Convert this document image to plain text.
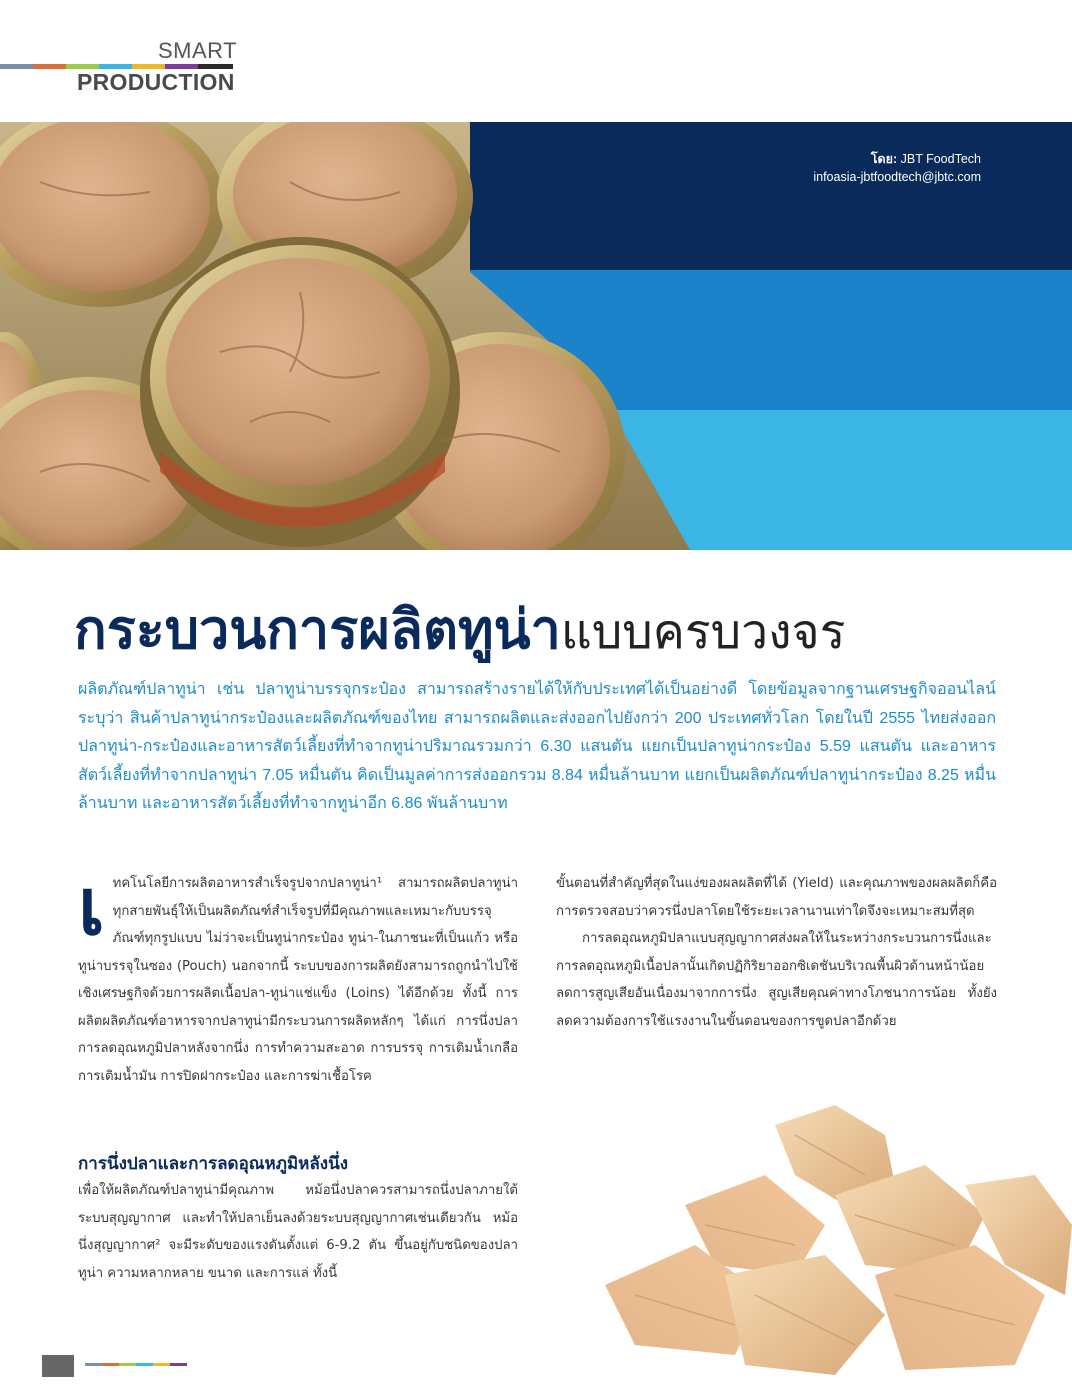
SMART
PRODUCTION
โดย: JBT FoodTech
infoasia-jbtfoodtech@jbtc.com
กระบวนการผลิตทูน่าแบบครบวงจร
ผลิตภัณฑ์ปลาทูน่า เช่น ปลาทูน่าบรรจุกระป๋อง สามารถสร้างรายได้ให้กับประเทศได้เป็นอย่างดี โดยข้อมูลจากฐานเศรษฐกิจออนไลน์ระบุว่า สินค้าปลาทูน่ากระป๋องและผลิตภัณฑ์ของไทย สามารถผลิตและส่งออกไปยังกว่า 200 ประเทศทั่วโลก โดยในปี 2555 ไทยส่งออกปลาทูน่า-กระป๋องและอาหารสัตว์เลี้ยงที่ทำจากทูน่าปริมาณรวมกว่า 6.30 แสนตัน แยกเป็นปลาทูน่ากระป๋อง 5.59 แสนตัน และอาหารสัตว์เลี้ยงที่ทำจากปลาทูน่า 7.05 หมื่นตัน คิดเป็นมูลค่าการส่งออกรวม 8.84 หมื่นล้านบาท แยกเป็นผลิตภัณฑ์ปลาทูน่ากระป๋อง 8.25 หมื่นล้านบาท และอาหารสัตว์เลี้ยงที่ทำจากทูน่าอีก 6.86 พันล้านบาท

เทคโนโลยีการผลิตอาหารสำเร็จรูปจากปลาทูน่า¹ สามารถผลิตปลาทูน่าทุกสายพันธุ์ให้เป็นผลิตภัณฑ์สำเร็จรูปที่มีคุณภาพและเหมาะกับบรรจุภัณฑ์ทุกรูปแบบ ไม่ว่าจะเป็นทูน่ากระป๋อง ทูน่า-ในภาชนะที่เป็นแก้ว หรือทูน่าบรรจุในซอง (Pouch) นอกจากนี้ ระบบของการผลิตยังสามารถถูกนำไปใช้เชิงเศรษฐกิจด้วยการผลิตเนื้อปลา-ทูน่าแช่แข็ง (Loins) ได้อีกด้วย ทั้งนี้ การผลิตผลิตภัณฑ์อาหารจากปลาทูน่ามีกระบวนการผลิตหลักๆ ได้แก่ การนึ่งปลา การลดอุณหภูมิปลาหลังจากนึ่ง การทำความสะอาด การบรรจุ การเติมน้ำเกลือ การเติมน้ำมัน การปิดฝากระป๋อง และการฆ่าเชื้อโรค

การนึ่งปลาและการลดอุณหภูมิหลังนึ่ง

เพื่อให้ผลิตภัณฑ์ปลาทูน่ามีคุณภาพ หม้อนึ่งปลาควรสามารถนึ่งปลาภายใต้ระบบสุญญากาศ และทำให้ปลาเย็นลงด้วยระบบสุญญากาศเช่นเดียวกัน หม้อนึ่งสุญญากาศ² จะมีระดับของแรงดันตั้งแต่ 6-9.2 ตัน ขึ้นอยู่กับชนิดของปลาทูน่า ความหลากหลาย ขนาด และการแล่ ทั้งนี้

ขั้นตอนที่สำคัญที่สุดในแง่ของผลผลิตที่ได้ (Yield) และคุณภาพของผลผลิตก็คือ การตรวจสอบว่าควรนึ่งปลาโดยใช้ระยะเวลานานเท่าใดจึงจะเหมาะสมที่สุด

การลดอุณหภูมิปลาแบบสุญญากาศส่งผลให้ในระหว่างกระบวนการนึ่งและการลดอุณหภูมิเนื้อปลานั้นเกิดปฏิกิริยาออกซิเดชันบริเวณพื้นผิวด้านหน้าน้อย ลดการสูญเสียอันเนื่องมาจากการนึ่ง สูญเสียคุณค่าทางโภชนาการน้อย ทั้งยังลดความต้องการใช้แรงงานในขั้นตอนของการขูดปลาอีกด้วย
